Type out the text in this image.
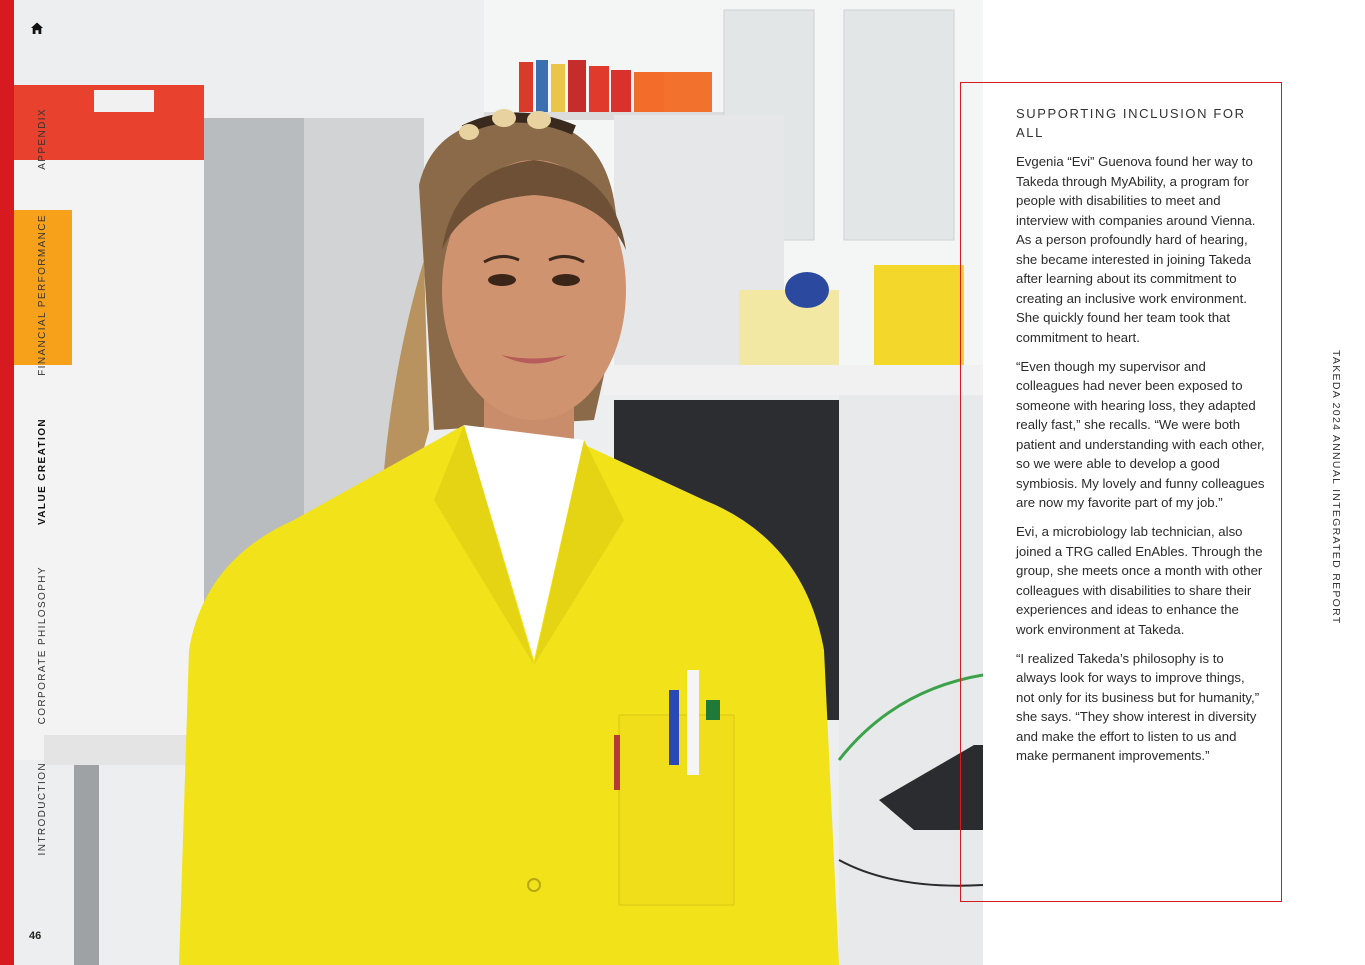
APPENDIX
FINANCIAL PERFORMANCE
VALUE CREATION
CORPORATE PHILOSOPHY
INTRODUCTION
46
SUPPORTING INCLUSION FOR ALL

Evgenia “Evi” Guenova found her way to Takeda through MyAbility, a program for people with disabilities to meet and interview with companies around Vienna. As a person profoundly hard of hearing, she became interested in joining Takeda after learning about its commitment to creating an inclusive work environment. She quickly found her team took that commitment to heart.

“Even though my supervisor and colleagues had never been exposed to someone with hearing loss, they adapted really fast,” she recalls. “We were both patient and understanding with each other, so we were able to develop a good symbiosis. My lovely and funny colleagues are now my favorite part of my job.”

Evi, a microbiology lab technician, also joined a TRG called EnAbles. Through the group, she meets once a month with other colleagues with disabilities to share their experiences and ideas to enhance the work environment at Takeda.

“I realized Takeda’s philosophy is to always look for ways to improve things, not only for its business but for humanity,” she says. “They show interest in diversity and make the effort to listen to us and make permanent improvements.”

TAKEDA 2024 ANNUAL INTEGRATED REPORT
